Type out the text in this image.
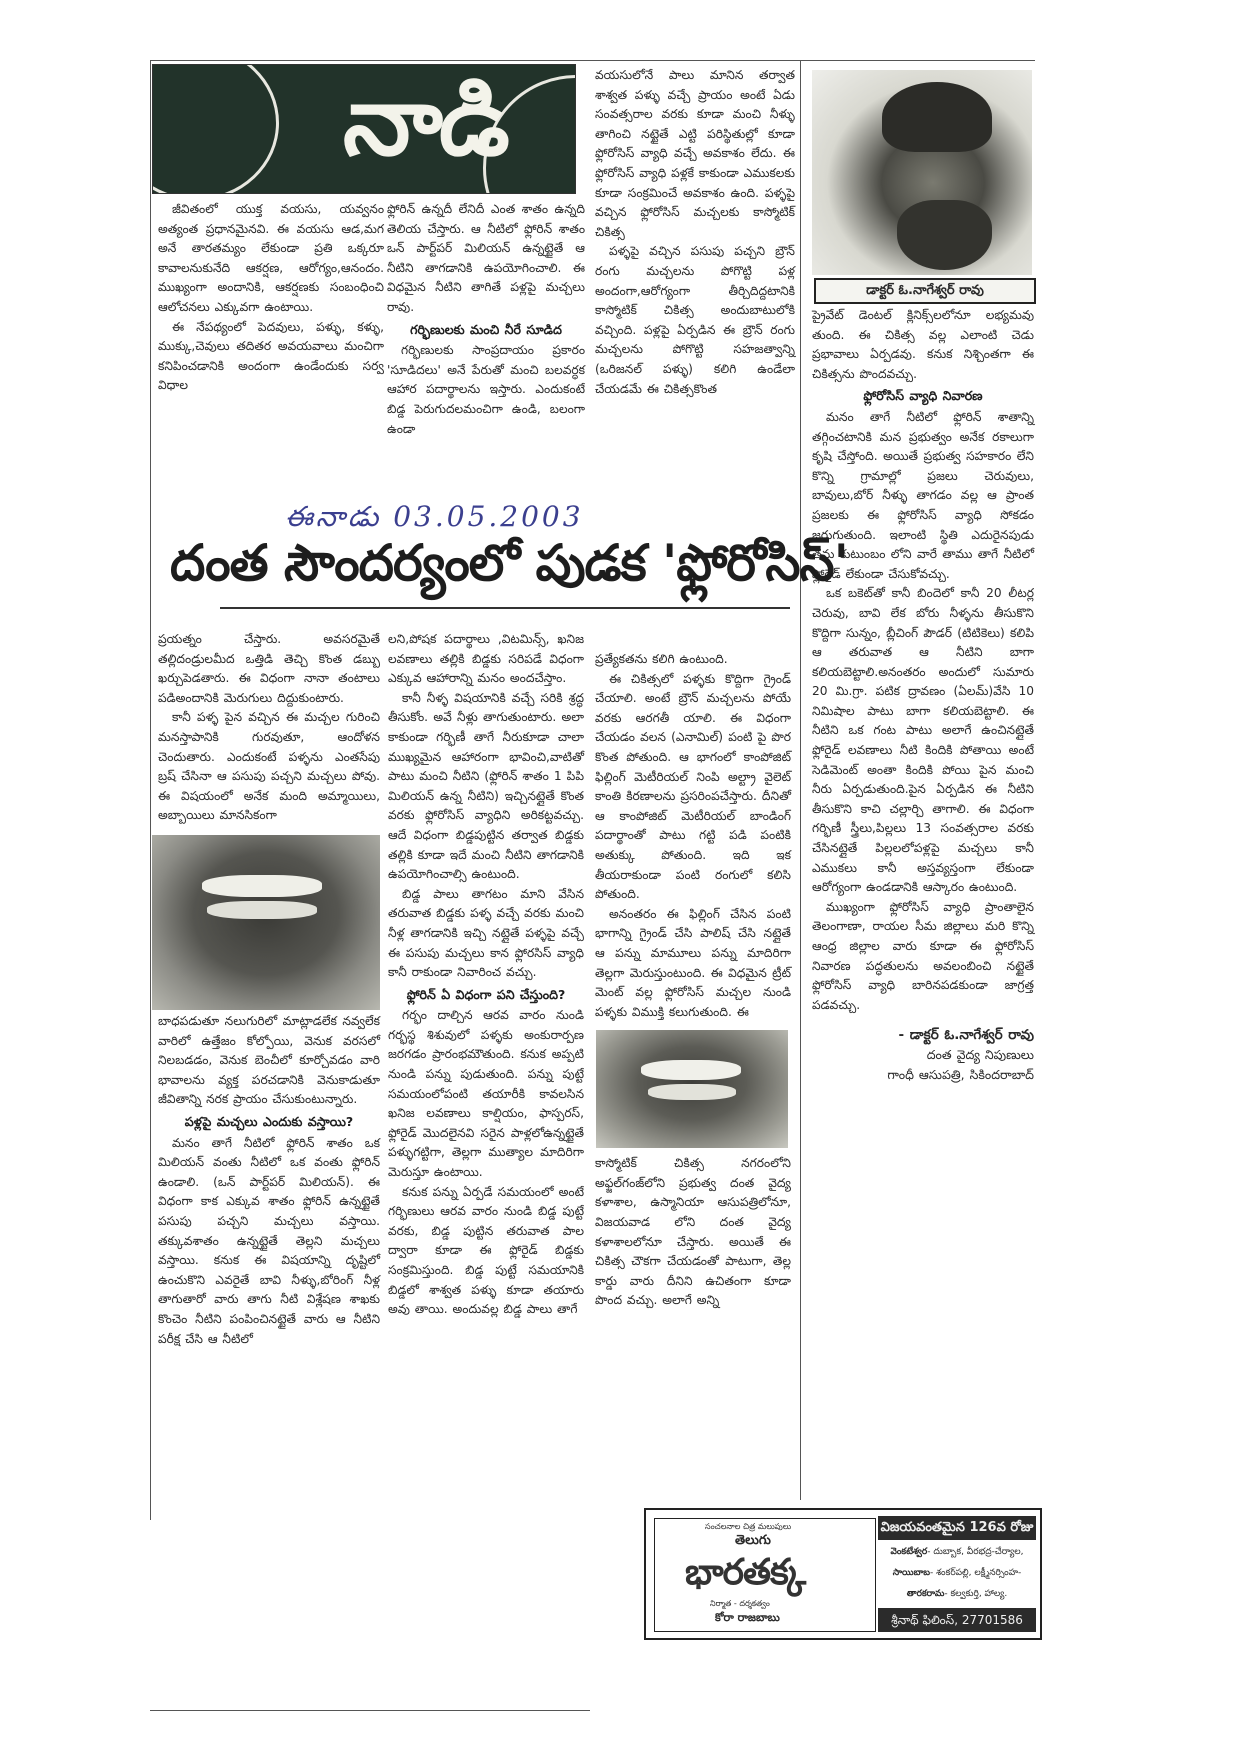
నాడి

జీవితంలో యుక్త వయసు, యవ్వనం అత్యంత ప్రధానమైనవి. ఈ వయసు ఆడ,మగ అనే తారతమ్యం లేకుండా ప్రతి ఒక్కరూ కావాలనుకునేది ఆకర్షణ, ఆరోగ్యం,ఆనందం. ముఖ్యంగా అందానికి, ఆకర్షణకు సంబంధించి ఆలోచనలు ఎక్కువగా ఉంటాయి.

ఈ నేపథ్యంలో పెదవులు, పళ్ళు, కళ్ళు, ముక్కు,చెవులు తదితర అవయవాలు మంచిగా కనిపించడానికి అందంగా ఉండేందుకు సర్వ విధాల

ఫ్లోరిన్ ఉన్నదీ లేనిదీ ఎంత శాతం ఉన్నది తెలియ చేస్తారు. ఆ నీటిలో ఫ్లోరిన్ శాతం ఒన్ పార్ట్‌పర్ మిలియన్ ఉన్నట్టైతే ఆ నీటిని తాగడానికి ఉపయోగించాలి. ఈ విధమైన నీటిని తాగితే పళ్లపై మచ్చలు రావు.

గర్భిణులకు మంచి నీరే సూడిద

గర్భిణులకు సాంప్రదాయం ప్రకారం 'సూడిదలు' అనే పేరుతో మంచి బలవర్ధక ఆహార పదార్థాలను ఇస్తారు. ఎందుకంటే బిడ్డ పెరుగుదలమంచిగా ఉండి, బలంగా ఉండా

వయసులోనే పాలు మానిన తర్వాత శాశ్వత పళ్ళు వచ్చే ప్రాయం అంటే ఏడు సంవత్సరాల వరకు కూడా మంచి నీళ్ళు తాగించి నట్టైతే ఎట్టి పరిస్థితుల్లో కూడా ఫ్లోరోసిస్ వ్యాధి వచ్చే అవకాశం లేదు. ఈ ఫ్లోరోసిస్ వ్యాధి పళ్లకే కాకుండా ఎముకలకు కూడా సంక్రమించే అవకాశం ఉంది. పళ్ళపై వచ్చిన ఫ్లోరోసిస్ మచ్చలకు కాస్మోటిక్ చికిత్స

పళ్ళపై వచ్చిన పసుపు పచ్చని బ్రౌన్ రంగు మచ్చలను పోగొట్టి పళ్ల అందంగా,ఆరోగ్యంగా తీర్చిదిద్దటానికి కాస్మోటిక్ చికిత్స అందుబాటులోకి వచ్చింది. పళ్లపై ఏర్పడిన ఈ బ్రౌన్ రంగు మచ్చలను పోగొట్టి సహజత్వాన్ని (ఒరిజనల్ పళ్ళు) కలిగి ఉండేలా చేయడమే ఈ చికిత్సకొంత

డాక్టర్ ఓ.నాగేశ్వర్ రావు

ప్రైవేట్ డెంటల్ క్లినిక్స్‌లలోనూ లభ్యమవు తుంది. ఈ చికిత్స వల్ల ఎలాంటి చెడు ప్రభావాలు ఏర్పడవు. కనుక నిశ్చింతగా ఈ చికిత్సను పొందవచ్చు.

ఫ్లోరోసిస్ వ్యాధి నివారణ

మనం తాగే నీటిలో ఫ్లోరిన్ శాతాన్ని తగ్గించటానికి మన ప్రభుత్వం అనేక రకాలుగా కృషి చేస్తోంది. అయితే ప్రభుత్వ సహకారం లేని కొన్ని గ్రామాల్లో ప్రజలు చెరువులు, బావులు,బోర్ నీళ్ళు తాగడం వల్ల ఆ ప్రాంత ప్రజలకు ఈ ఫ్లోరోసిస్ వ్యాధి సోకడం జరుగుతుంది. ఇలాంటి స్థితి ఎదురైనపుడు తమ కుటుంబం లోని వారే తాము తాగే నీటిలో ఫ్లోరైడ్ లేకుండా చేసుకోవచ్చు.

ఒక బకెట్‌తో కానీ బిందెలో కానీ 20 లీటర్ల చెరువు, బావి లేక బోరు నీళ్ళను తీసుకొని కొద్దిగా సున్నం, బ్లీచింగ్ పౌడర్ (టిటికెలు) కలిపి ఆ తరువాత ఆ నీటిని బాగా కలియబెట్టాలి.అనంతరం అందులో సుమారు 20 మి.గ్రా. పటిక ద్రావణం (ఏలమ్)వేసి 10 నిమిషాల పాటు బాగా కలియబెట్టాలి. ఈ నీటిని ఒక గంట పాటు అలాగే ఉంచినట్లైతే ఫ్లోరైడ్ లవణాలు నీటి కిందికి పోతాయి అంటే సెడిమెంట్ అంతా కిందికి పోయి పైన మంచి నీరు ఏర్పడుతుంది.పైన ఏర్పడిన ఈ నీటిని తీసుకొని కాచి చల్లార్చి తాగాలి. ఈ విధంగా గర్భిణీ స్త్రీలు,పిల్లలు 13 సంవత్సరాల వరకు చేసినట్లైతే పిల్లలలోపళ్లపై మచ్చలు కానీ ఎముకలు కానీ అస్తవ్యస్తంగా లేకుండా ఆరోగ్యంగా ఉండడానికి ఆస్కారం ఉంటుంది.

ముఖ్యంగా ఫ్లోరోసిస్ వ్యాధి ప్రాంతాలైన తెలంగాణా, రాయల సీమ జిల్లాలు మరి కొన్ని ఆంధ్ర జిల్లాల వారు కూడా ఈ ఫ్లోరోసిస్ నివారణ పద్ధతులను అవలంబించి నట్టైతే ఫ్లోరోసిస్ వ్యాధి బారినపడకుండా జాగ్రత్త పడవచ్చు.

- డాక్టర్ ఓ.నాగేశ్వర్ రావు
దంత వైద్య నిపుణులు
గాంధీ ఆసుపత్రి, సికిందరాబాద్
ఈనాడు 03.05.2003
దంత సౌందర్యంలో పుడక 'ఫ్లోరోసిస్'

ప్రయత్నం చేస్తారు. అవసరమైతే తల్లిదండ్రులమీద ఒత్తిడి తెచ్చి కొంత డబ్బు ఖర్చుపెడతారు. ఈ విధంగా నానా తంటాలు పడిఅందానికి మెరుగులు దిద్దుకుంటారు.

కానీ పళ్ళ పైన వచ్చిన ఈ మచ్చల గురించి మనస్తాపానికి గురవుతూ, ఆందోళన చెందుతారు. ఎందుకంటే పళ్ళను ఎంతసేపు బ్రష్ చేసినా ఆ పసుపు పచ్చని మచ్చలు పోవు. ఈ విషయంలో అనేక మంది అమ్మాయిలు, అబ్బాయిలు మానసికంగా

బాధపడుతూ నలుగురిలో మాట్లాడలేక నవ్వలేక వారిలో ఉత్తేజం కోల్పోయి, వెనుక వరసలో నిలబడడం, వెనుక బెంచీలో కూర్చోవడం వారి భావాలను వ్యక్త పరచడానికి వెనుకాడుతూ జీవితాన్ని నరక ప్రాయం చేసుకుంటున్నారు.

పళ్లపై మచ్చలు ఎందుకు వస్తాయి?

మనం తాగే నీటిలో ఫ్లోరిన్ శాతం ఒక మిలియన్ వంతు నీటిలో ఒక వంతు ఫ్లోరిన్ ఉండాలి. (ఒన్ పార్ట్‌పర్ మిలియన్). ఈ విధంగా కాక ఎక్కువ శాతం ఫ్లోరిన్ ఉన్నట్టైతే పసుపు పచ్చని మచ్చలు వస్తాయి. తక్కువశాతం ఉన్నట్టైతే తెల్లని మచ్చలు వస్తాయి. కనుక ఈ విషయాన్ని దృష్టిలో ఉంచుకొని ఎవరైతే బావి నీళ్ళు,బోరింగ్ నీళ్ల తాగుతారో వారు తాగు నీటి విశ్లేషణ శాఖకు కొంచెం నీటిని పంపించినట్టైతే వారు ఆ నీటిని పరీక్ష చేసి ఆ నీటిలో

లని,పోషక పదార్థాలు ,విటమిన్స్, ఖనిజ లవణాలు తల్లికి బిడ్డకు సరిపడే విధంగా ఎక్కువ ఆహారాన్ని మనం అందచేస్తాం.

కానీ నీళ్ళ విషయానికి వచ్చే సరికి శ్రద్ధ తీసుకోం. అవే నీళ్లు తాగుతుంటారు. అలా కాకుండా గర్భిణీ తాగే నీరుకూడా చాలా ముఖ్యమైన ఆహారంగా భావించి,వాటితో పాటు మంచి నీటిని (ఫ్లోరిన్ శాతం 1 పిపి మిలియన్ ఉన్న నీటిని) ఇచ్చినట్లైతే కొంత వరకు ఫ్లోరోసిస్ వ్యాధిని అరికట్టవచ్చు. ఆదే విధంగా బిడ్డపుట్టిన తర్వాత బిడ్డకు తల్లికి కూడా ఇదే మంచి నీటిని తాగడానికి ఉపయోగించాల్సి ఉంటుంది.

బిడ్డ పాలు తాగటం మాని వేసిన తరువాత బిడ్డకు పళ్ళ వచ్చే వరకు మంచి నీళ్ల తాగడానికి ఇచ్చి నట్లైతే పళ్ళపై వచ్చే ఈ పసుపు మచ్చలు కాన ఫ్లోరసిస్ వ్యాధి కానీ రాకుండా నివారించ వచ్చు.

ఫ్లోరిన్ ఏ విధంగా పని చేస్తుంది?

గర్భం దాల్చిన ఆరవ వారం నుండి గర్భస్థ శిశువులో పళ్ళకు అంకురార్పణ జరగడం ప్రారంభమౌతుంది. కనుక అప్పటి నుండి పన్ను పుడుతుంది. పన్ను పుట్టే సమయంలోపంటి తయారీకి కావలసిన ఖనిజ లవణాలు కాల్షియం, ఫాస్పరస్, ఫ్లోరైడ్ మొదలైనవి సరైన పాళ్లలోఉన్నట్టైతే పళ్ళుగట్టిగా, తెల్లగా ముత్యాల మాదిరిగా మెరుస్తూ ఉంటాయి.

కనుక పన్ను ఏర్పడే సమయంలో అంటే గర్భిణులు ఆరవ వారం నుండి బిడ్డ పుట్టే వరకు, బిడ్డ పుట్టిన తరువాత పాల ద్వారా కూడా ఈ ఫ్లోరైడ్ బిడ్డకు సంక్రమిస్తుంది. బిడ్డ పుట్టే సమయానికి బిడ్డలో శాశ్వత పళ్ళు కూడా తయారు అవు తాయి. అందువల్ల బిడ్డ పాలు తాగే

ప్రత్యేకతను కలిగి ఉంటుంది.

ఈ చికిత్సలో పళ్ళకు కొద్దిగా గ్రైండ్ చేయాలి. అంటే బ్రౌన్ మచ్చలను పోయే వరకు ఆరగతీ యాలి. ఈ విధంగా చేయడం వలన (ఎనామిల్) పంటి పై పొర కొంత పోతుంది. ఆ భాగంలో కాంపోజిట్ ఫిల్లింగ్ మెటీరియల్ నింపి అల్ట్రా వైలెట్ కాంతి కిరణాలను ప్రసరింపచేస్తారు. దీనితో ఆ కాంపోజిట్ మెటీరియల్ బాండింగ్ పదార్థాంతో పాటు గట్టి పడి పంటికి అతుక్కు పోతుంది. ఇది ఇక తీయరాకుండా పంటి రంగులో కలిసి పోతుంది.

అనంతరం ఈ ఫిల్లింగ్ చేసిన పంటి భాగాన్ని గ్రైండ్ చేసి పాలిష్ చేసి నట్లైతే ఆ పన్ను మామూలు పన్ను మాదిరిగా తెల్లగా మెరుస్తుంటుంది. ఈ విధమైన ట్రీట్ మెంట్ వల్ల ఫ్లోరోసిస్ మచ్చల నుండి పళ్ళకు విముక్తి కలుగుతుంది. ఈ

కాస్మోటిక్ చికిత్స నగరంలోని అఫ్జల్‌గంజ్‌లోని ప్రభుత్వ దంత వైద్య కళాశాల, ఉస్మానియా ఆసుపత్రిలోనూ, విజయవాడ లోని దంత వైద్య కళాశాలలోనూ చేస్తారు. అయితే ఈ చికిత్స చౌకగా చేయడంతో పాటుగా, తెల్ల కార్డు వారు దీనిని ఉచితంగా కూడా పొంద వచ్చు. అలాగే అన్ని

సంచలనాల చిత్ర మలుపులు
తెలుగు
భారతక్క
నిర్మాత - దర్శకత్వం
కోరా రాజబాబు
విజయవంతమైన 126వ రోజు
వెంకటేశ్వర- దుబ్బాక, వీరభద్ర-చేర్యాల,
సాయిబాబ- శంకర్‌పల్లి, లక్ష్మీనర్సింహ-
తారకరామ- కల్వకుర్తి, హాల్య.
శ్రీనాథ్ ఫిలింస్, 27701586
